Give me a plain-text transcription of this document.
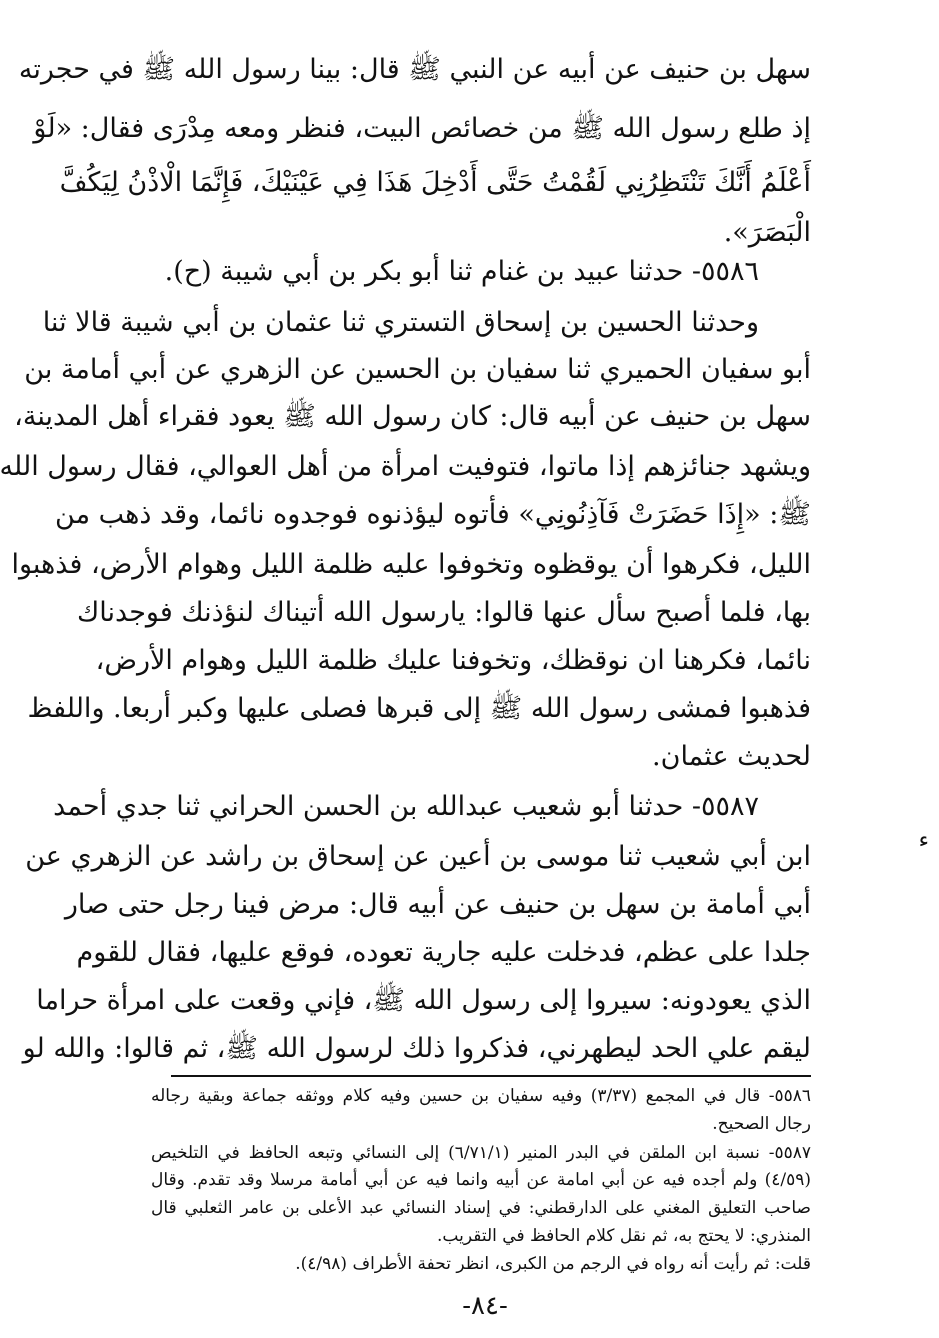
سهل بن حنيف عن أبيه عن النبي ﷺ قال: بينا رسول الله ﷺ في حجرته
إذ طلع رسول الله ﷺ من خصائص البيت، فنظر ومعه مِدْرَى فقال: «لَوْ
أَعْلَمُ أَنَّكَ تَنْتَظِرُنِي لَقُمْتُ حَتَّى أَدْخِلَ هَذَا فِي عَيْنَيْكَ، فَإِنَّمَا الْاذْنُ لِيَكُفَّ
الْبَصَرَ».
٥٥٨٦- حدثنا عبيد بن غنام ثنا أبو بكر بن أبي شيبة (ح).
وحدثنا الحسين بن إسحاق التستري ثنا عثمان بن أبي شيبة قالا ثنا
أبو سفيان الحميري ثنا سفيان بن الحسين عن الزهري عن أبي أمامة بن
سهل بن حنيف عن أبيه قال: كان رسول الله ﷺ يعود فقراء أهل المدينة،
ويشهد جنائزهم إذا ماتوا، فتوفيت امرأة من أهل العوالي، فقال رسول الله
ﷺ: «إِذَا حَضَرَتْ فَآذِنُونِي» فأتوه ليؤذنوه فوجدوه نائما، وقد ذهب من
الليل، فكرهوا أن يوقظوه وتخوفوا عليه ظلمة الليل وهوام الأرض، فذهبوا
بها، فلما أصبح سأل عنها قالوا: يارسول الله أتيناك لنؤذنك فوجدناك
نائما، فكرهنا ان نوقظك، وتخوفنا عليك ظلمة الليل وهوام الأرض،
فذهبوا فمشى رسول الله ﷺ إلى قبرها فصلى عليها وكبر أربعا. واللفظ
لحديث عثمان.
٥٥٨٧- حدثنا أبو شعيب عبدالله بن الحسن الحراني ثنا جدي أحمد
ابن أبي شعيب ثنا موسى بن أعين عن إسحاق بن راشد عن الزهري عن
أبي أمامة بن سهل بن حنيف عن أبيه قال: مرض فينا رجل حتى صار
جلدا على عظم، فدخلت عليه جارية تعوده، فوقع عليها، فقال للقوم
الذي يعودونه: سيروا إلى رسول الله ﷺ، فإني وقعت على امرأة حراما
ليقم علي الحد ليطهرني، فذكروا ذلك لرسول الله ﷺ، ثم قالوا: والله لو
ء
٥٥٨٦- قال في المجمع (٣/٣٧) وفيه سفيان بن حسين وفيه كلام ووثقه جماعة وبقية رجاله
رجال الصحيح.
٥٥٨٧- نسبة ابن الملقن في البدر المنير (٦/٧١/١) إلى النسائي وتبعه الحافظ في التلخيص
(٤/٥٩) ولم أجده فيه عن أبي امامة عن أبيه وانما فيه عن أبي أمامة مرسلا وقد تقدم. وقال
صاحب التعليق المغني على الدارقطني: في إسناد النسائي عبد الأعلى بن عامر الثعلبي قال
المنذري: لا يحتج به، ثم نقل كلام الحافظ في التقريب.
قلت: ثم رأيت أنه رواه في الرجم من الكبرى، انظر تحفة الأطراف (٤/٩٨).
-٨٤-
